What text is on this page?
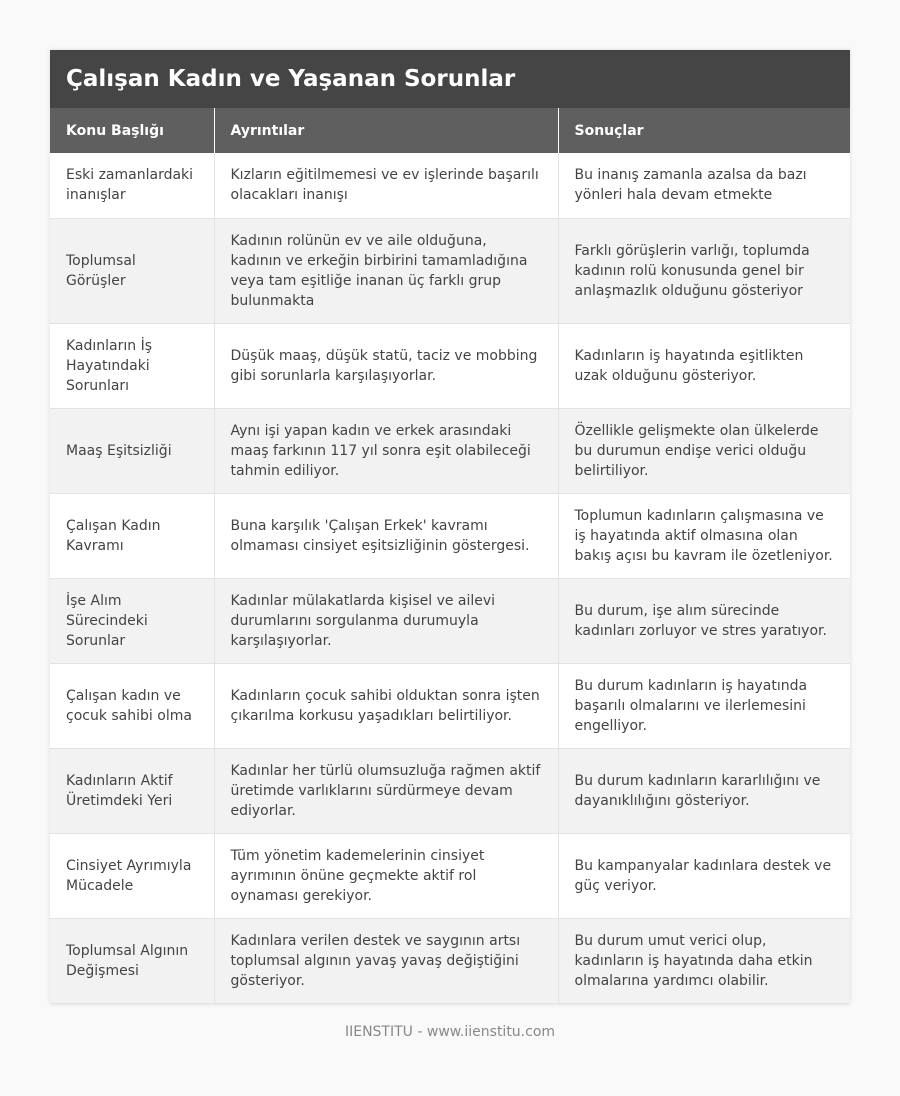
Çalışan Kadın ve Yaşanan Sorunlar
Konu Başlığı	Ayrıntılar	Sonuçlar
Eski zamanlardaki inanışlar	Kızların eğitilmemesi ve ev işlerinde başarılı olacakları inanışı	Bu inanış zamanla azalsa da bazı yönleri hala devam etmekte
Toplumsal Görüşler	Kadının rolünün ev ve aile olduğuna, kadının ve erkeğin birbirini tamamladığına veya tam eşitliğe inanan üç farklı grup bulunmakta	Farklı görüşlerin varlığı, toplumda kadının rolü konusunda genel bir anlaşmazlık olduğunu gösteriyor
Kadınların İş Hayatındaki Sorunları	Düşük maaş, düşük statü, taciz ve mobbing gibi sorunlarla karşılaşıyorlar.	Kadınların iş hayatında eşitlikten uzak olduğunu gösteriyor.
Maaş Eşitsizliği	Aynı işi yapan kadın ve erkek arasındaki maaş farkının 117 yıl sonra eşit olabileceği tahmin ediliyor.	Özellikle gelişmekte olan ülkelerde bu durumun endişe verici olduğu belirtiliyor.
Çalışan Kadın Kavramı	Buna karşılık 'Çalışan Erkek' kavramı olmaması cinsiyet eşitsizliğinin göstergesi.	Toplumun kadınların çalışmasına ve iş hayatında aktif olmasına olan bakış açısı bu kavram ile özetleniyor.
İşe Alım Sürecindeki Sorunlar	Kadınlar mülakatlarda kişisel ve ailevi durumlarını sorgulanma durumuyla karşılaşıyorlar.	Bu durum, işe alım sürecinde kadınları zorluyor ve stres yaratıyor.
Çalışan kadın ve çocuk sahibi olma	Kadınların çocuk sahibi olduktan sonra işten çıkarılma korkusu yaşadıkları belirtiliyor.	Bu durum kadınların iş hayatında başarılı olmalarını ve ilerlemesini engelliyor.
Kadınların Aktif Üretimdeki Yeri	Kadınlar her türlü olumsuzluğa rağmen aktif üretimde varlıklarını sürdürmeye devam ediyorlar.	Bu durum kadınların kararlılığını ve dayanıklılığını gösteriyor.
Cinsiyet Ayrımıyla Mücadele	Tüm yönetim kademelerinin cinsiyet ayrımının önüne geçmekte aktif rol oynaması gerekiyor.	Bu kampanyalar kadınlara destek ve güç veriyor.
Toplumsal Algının Değişmesi	Kadınlara verilen destek ve saygının artsı toplumsal algının yavaş yavaş değiştiğini gösteriyor.	Bu durum umut verici olup, kadınların iş hayatında daha etkin olmalarına yardımcı olabilir.
IIENSTITU - www.iienstitu.com
